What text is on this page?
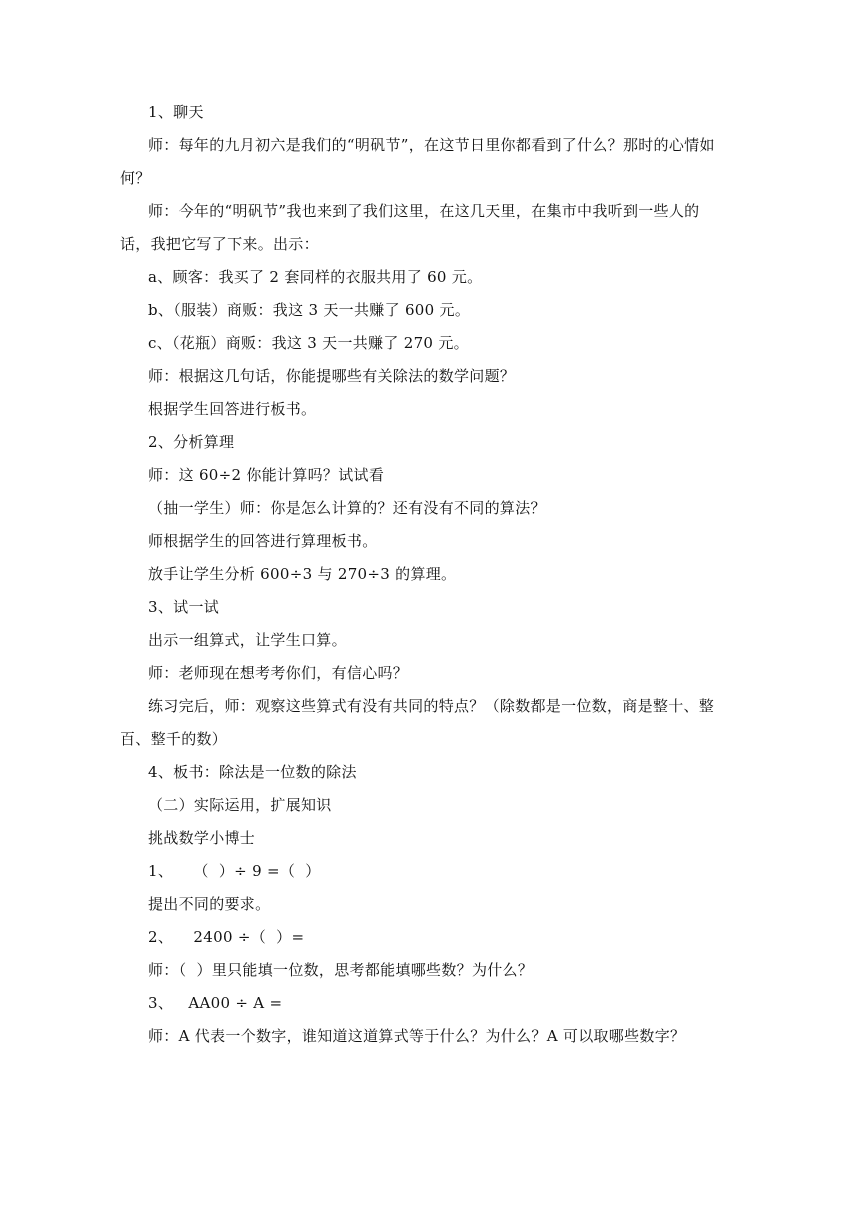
1、聊天

师：每年的九月初六是我们的“明矾节”，在这节日里你都看到了什么？那时的心情如何？

师：今年的“明矾节”我也来到了我们这里，在这几天里，在集市中我听到一些人的话，我把它写了下来。出示：

a、顾客：我买了 2 套同样的衣服共用了 60 元。

b、（服装）商贩：我这 3 天一共赚了 600 元。

c、（花瓶）商贩：我这 3 天一共赚了 270 元。

师：根据这几句话，你能提哪些有关除法的数学问题？

根据学生回答进行板书。

2、分析算理

师：这 60÷2 你能计算吗？试试看

（抽一学生）师：你是怎么计算的？还有没有不同的算法？

师根据学生的回答进行算理板书。

放手让学生分析 600÷3 与 270÷3 的算理。

3、试一试

出示一组算式，让学生口算。

师：老师现在想考考你们，有信心吗？

练习完后，师：观察这些算式有没有共同的特点？（除数都是一位数，商是整十、整百、整千的数）

4、板书：除法是一位数的除法

（二）实际运用，扩展知识

挑战数学小博士

1、    （  ）÷ 9 =（  ）

提出不同的要求。

2、    2400 ÷（  ）=

师：（  ）里只能填一位数，思考都能填哪些数？为什么？

3、   AA00 ÷ A =

师：A 代表一个数字，谁知道这道算式等于什么？为什么？A 可以取哪些数字？
